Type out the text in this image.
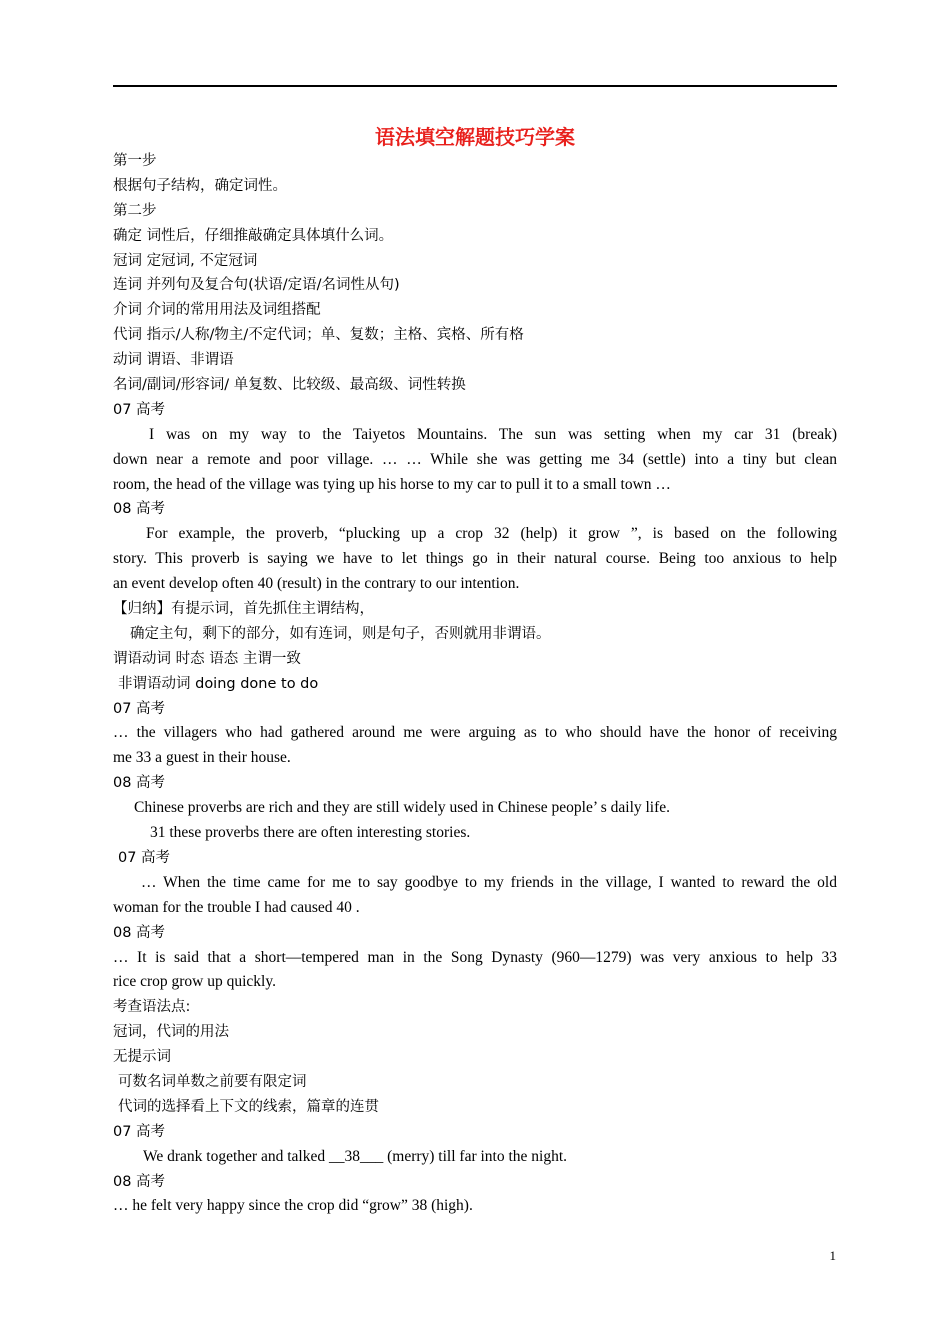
语法填空解题技巧学案
第一步
根据句子结构，确定词性。
第二步
确定 词性后，仔细推敲确定具体填什么词。
冠词 定冠词, 不定冠词
连词 并列句及复合句(状语/定语/名词性从句)
介词 介词的常用用法及词组搭配
代词 指示/人称/物主/不定代词；单、复数；主格、宾格、所有格
动词 谓语、非谓语
名词/副词/形容词/ 单复数、比较级、最高级、词性转换
07 高考
I was on my way to the Taiyetos Mountains. The sun was setting when my car 31 (break)
down near a remote and poor village. … … While she was getting me 34 (settle) into a tiny but clean
room, the head of the village was tying up his horse to my car to pull it to a small town …
08 高考
For example, the proverb, “plucking up a crop 32 (help) it grow ”, is based on the following
story. This proverb is saying we have to let things go in their natural course. Being too anxious to help
an event develop often 40 (result) in the contrary to our intention.
【归纳】有提示词，首先抓住主谓结构，
确定主句，剩下的部分，如有连词，则是句子，否则就用非谓语。
谓语动词 时态 语态 主谓一致
非谓语动词 doing done to do
07 高考
… the villagers who had gathered around me were arguing as to who should have the honor of receiving
me 33 a guest in their house.
08 高考
Chinese proverbs are rich and they are still widely used in Chinese people’ s daily life.
31 these proverbs there are often interesting stories.
07 高考
… When the time came for me to say goodbye to my friends in the village, I wanted to reward the old
woman for the trouble I had caused 40 .
08 高考
… It is said that a short—tempered man in the Song Dynasty (960—1279) was very anxious to help 33
rice crop grow up quickly.
考查语法点:
冠词，代词的用法
无提示词
可数名词单数之前要有限定词
代词的选择看上下文的线索，篇章的连贯
07 高考
We drank together and talked __38___ (merry) till far into the night.
08 高考
… he felt very happy since the crop did “grow” 38 (high).
1
